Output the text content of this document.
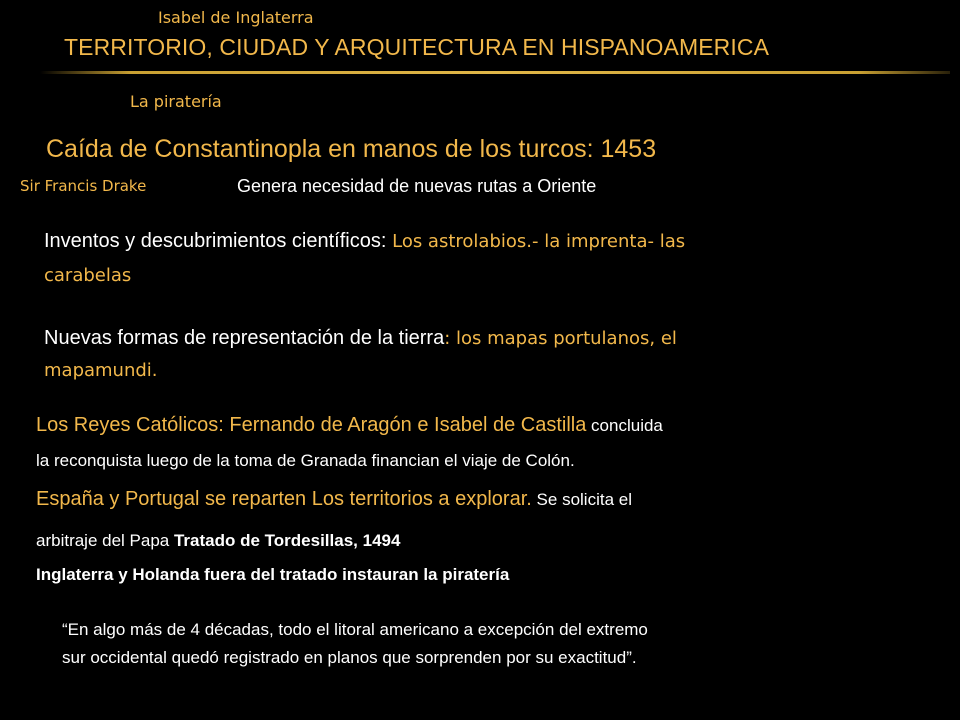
Isabel de Inglaterra
TERRITORIO, CIUDAD Y ARQUITECTURA EN HISPANOAMERICA
La piratería
Caída de Constantinopla en manos de los turcos: 1453
Sir Francis Drake	Genera necesidad de nuevas rutas a Oriente
Inventos y descubrimientos científicos: Los astrolabios.- la imprenta- las
carabelas
Nuevas formas de representación de la tierra: los mapas portulanos, el
mapamundi.
Los Reyes Católicos: Fernando de Aragón e Isabel de Castilla concluida
la reconquista luego de la toma de Granada financian el viaje de Colón.
España y Portugal se reparten Los territorios a explorar. Se solicita el
arbitraje del Papa Tratado de Tordesillas, 1494
Inglaterra y Holanda fuera del tratado instauran la piratería
“En algo más de 4 décadas, todo el litoral americano a excepción del extremo
sur occidental quedó registrado en planos que sorprenden por su exactitud”.
